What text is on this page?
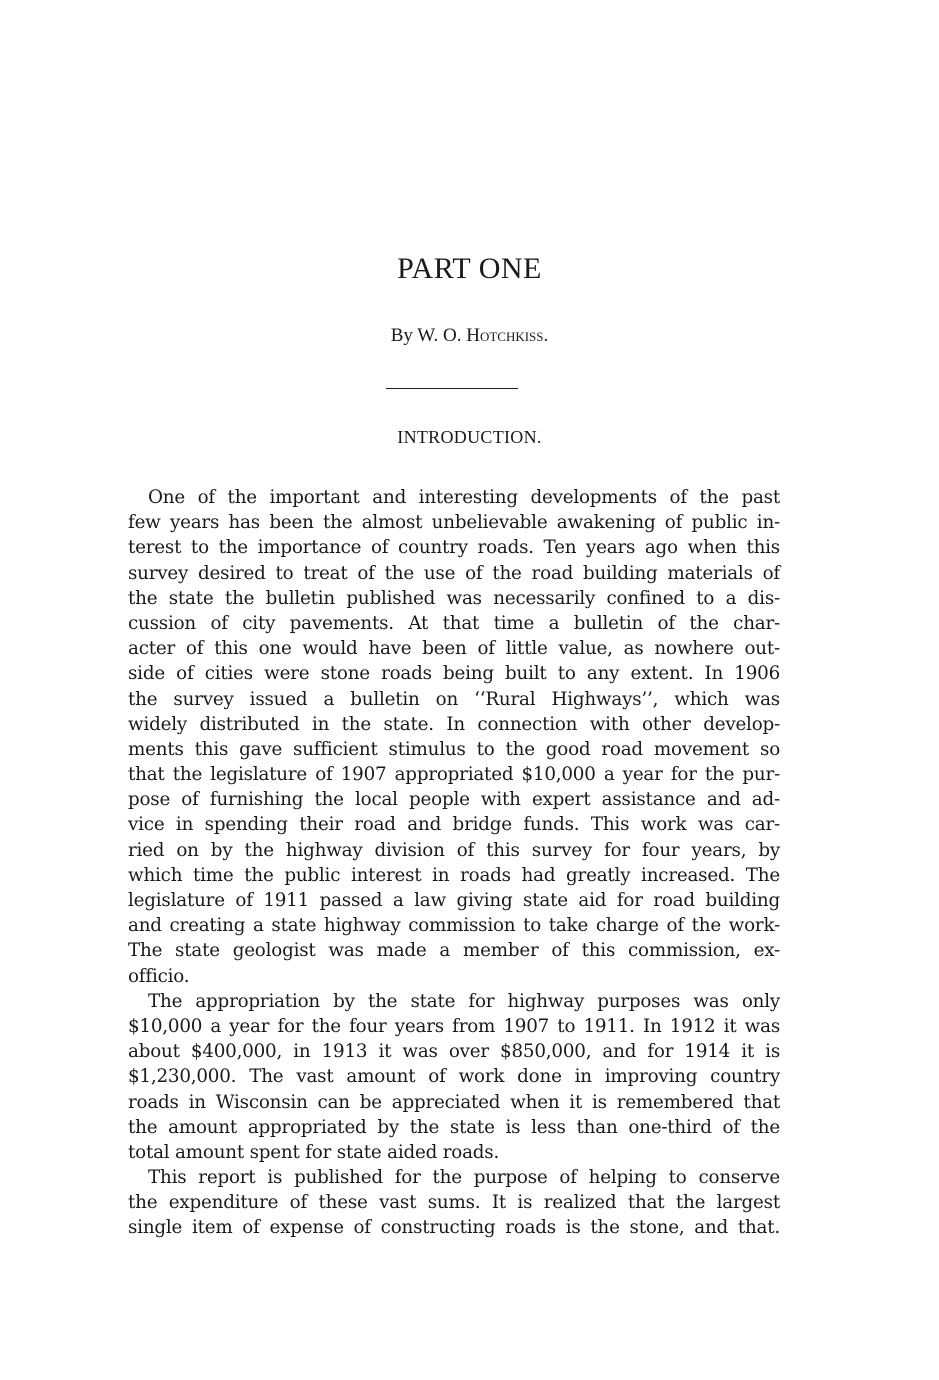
PART ONE
By W. O. Hotchkiss.
INTRODUCTION.
One of the important and interesting developments of the past
few years has been the almost unbelievable awakening of public in-
terest to the importance of country roads. Ten years ago when this
survey desired to treat of the use of the road building materials of
the state the bulletin published was necessarily confined to a dis-
cussion of city pavements. At that time a bulletin of the char-
acter of this one would have been of little value, as nowhere out-
side of cities were stone roads being built to any extent. In 1906
the survey issued a bulletin on ‘‘Rural Highways’’, which was
widely distributed in the state. In connection with other develop-
ments this gave sufficient stimulus to the good road movement so
that the legislature of 1907 appropriated $10,000 a year for the pur-
pose of furnishing the local people with expert assistance and ad-
vice in spending their road and bridge funds. This work was car-
ried on by the highway division of this survey for four years, by
which time the public interest in roads had greatly increased. The
legislature of 1911 passed a law giving state aid for road building
and creating a state highway commission to take charge of the work-
The state geologist was made a member of this commission, ex-
officio.
The appropriation by the state for highway purposes was only
$10,000 a year for the four years from 1907 to 1911. In 1912 it was
about $400,000, in 1913 it was over $850,000, and for 1914 it is
$1,230,000. The vast amount of work done in improving country
roads in Wisconsin can be appreciated when it is remembered that
the amount appropriated by the state is less than one-third of the
total amount spent for state aided roads.
This report is published for the purpose of helping to conserve
the expenditure of these vast sums. It is realized that the largest
single item of expense of constructing roads is the stone, and that.
